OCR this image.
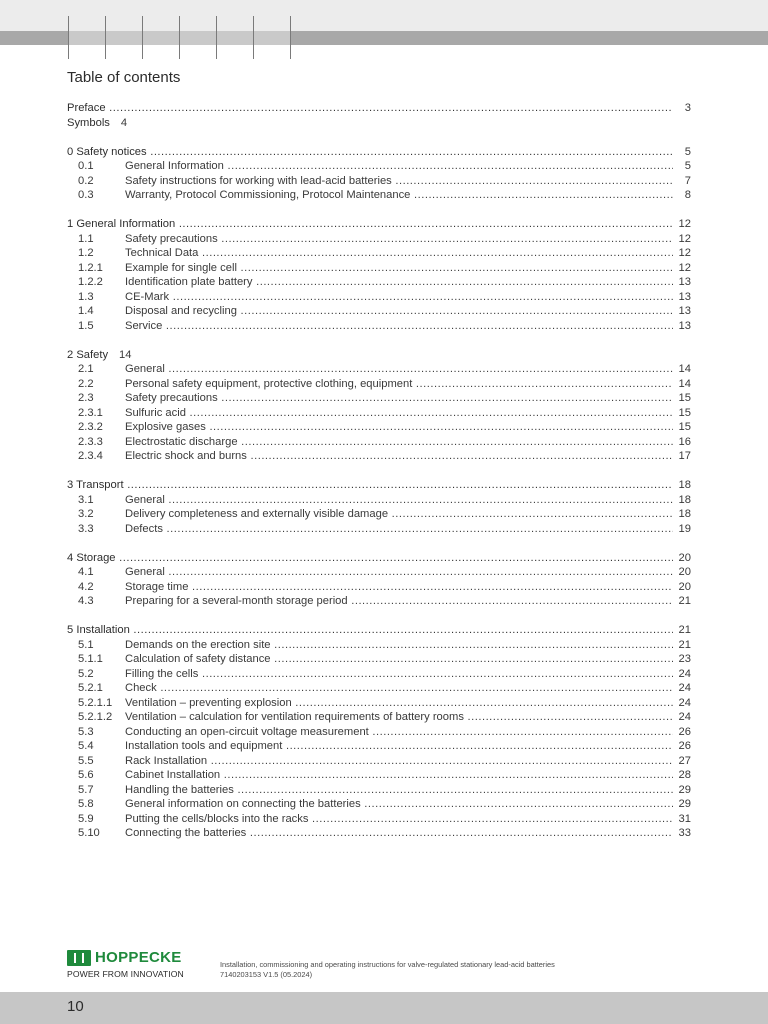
Table of contents
Preface .....	3
Symbols 4
0 Safety notices .....	5
0.1	General Information .....	5
0.2	Safety instructions for working with lead-acid batteries .....	7
0.3	Warranty, Protocol Commissioning, Protocol Maintenance .....	8
1 General Information .....	12
1.1	Safety precautions .....	12
1.2	Technical Data .....	12
1.2.1 Example for single cell .....	12
1.2.2 Identification plate battery .....	13
1.3	CE-Mark .....	13
1.4	Disposal and recycling .....	13
1.5	Service .....	13
2 Safety 14
2.1	General .....	14
2.2	Personal safety equipment, protective clothing, equipment .....	14
2.3	Safety precautions .....	15
2.3.1 Sulfuric acid .....	15
2.3.2 Explosive gases .....	15
2.3.3 Electrostatic discharge .....	16
2.3.4 Electric shock and burns .....	17
3 Transport .....	18
3.1	General .....	18
3.2	Delivery completeness and externally visible damage .....	18
3.3	Defects .....	19
4 Storage .....	20
4.1	General .....	20
4.2	Storage time .....	20
4.3	Preparing for a several-month storage period .....	21
5 Installation .....	21
5.1	Demands on the erection site .....	21
5.1.1 Calculation of safety distance .....	23
5.2	Filling the cells .....	24
5.2.1 Check .....	24
5.2.1.1 Ventilation – preventing explosion .....	24
5.2.1.2 Ventilation – calculation for ventilation requirements of battery rooms .....	24
5.3	Conducting an open-circuit voltage measurement .....	26
5.4	Installation tools and equipment .....	26
5.5	Rack Installation .....	27
5.6	Cabinet Installation .....	28
5.7	Handling the batteries .....	29
5.8	General information on connecting the batteries .....	29
5.9	Putting the cells/blocks into the racks .....	31
5.10 Connecting the batteries .....	33
HOPPECKE
POWER FROM INNOVATION
Installation, commissioning and operating instructions for valve-regulated stationary lead-acid batteries
7140203153 V1.5 (05.2024)
10
